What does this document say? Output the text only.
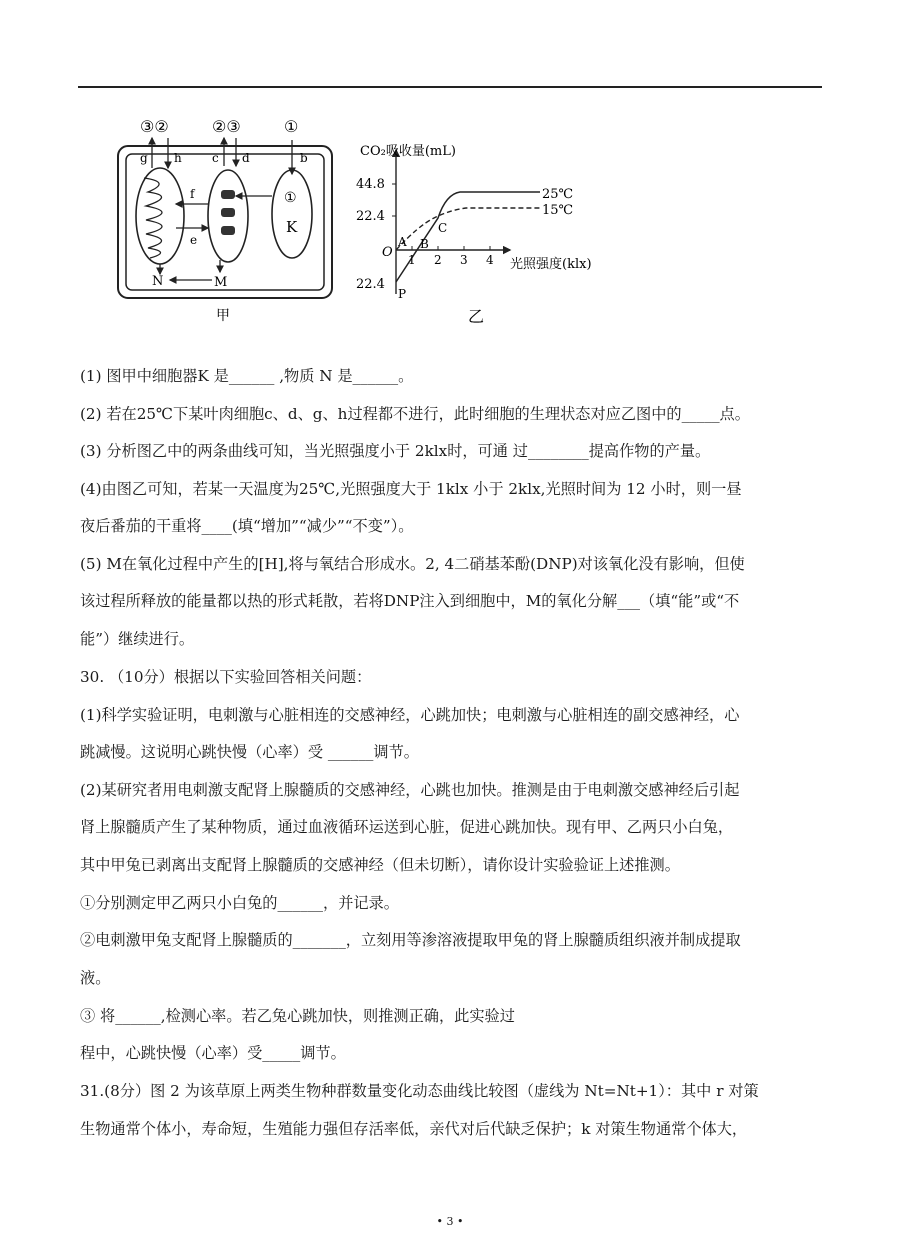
③②	②③	①
g h	c d	b
f
e
①
K
N	M
甲
CO₂吸收量(mL)
光照强度(klx)
44.8
22.4
O
22.4
1 2 3 4
A B
C
P
25℃
15℃
乙
(1) 图甲中细胞器K 是______ ,物质 N 是______。
(2) 若在25℃下某叶肉细胞c、d、g、h过程都不进行，此时细胞的生理状态对应乙图中的_____点。
(3) 分析图乙中的两条曲线可知，当光照强度小于 2klx时，可通 过________提高作物的产量。
(4)由图乙可知，若某一天温度为25℃,光照强度大于 1klx 小于 2klx,光照时间为 12 小时，则一昼
夜后番茄的干重将____(填“增加”“减少”“不变”）。
(5) M在氧化过程中产生的[H],将与氧结合形成水。2, 4二硝基苯酚(DNP)对该氧化没有影响，但使
该过程所释放的能量都以热的形式耗散，若将DNP注入到细胞中，M的氧化分解___（填“能”或“不
能”）继续进行。
30. （10分）根据以下实验回答相关问题：
(1)科学实验证明，电刺激与心脏相连的交感神经，心跳加快；电刺激与心脏相连的副交感神经，心
跳减慢。这说明心跳快慢（心率）受 ______调节。
(2)某研究者用电刺激支配肾上腺髓质的交感神经，心跳也加快。推测是由于电刺激交感神经后引起
肾上腺髓质产生了某种物质，通过血液循环运送到心脏，促进心跳加快。现有甲、乙两只小白兔，
其中甲兔已剥离出支配肾上腺髓质的交感神经（但未切断），请你设计实验验证上述推测。
①分别测定甲乙两只小白兔的______，并记录。
②电刺激甲兔支配肾上腺髓质的_______，立刻用等渗溶液提取甲兔的肾上腺髓质组织液并制成提取
液。
③ 将______,检测心率。若乙兔心跳加快，则推测正确，此实验过
程中，心跳快慢（心率）受_____调节。
31.(8分）图 2 为该草原上两类生物种群数量变化动态曲线比较图（虚线为 Nt=Nt+1）：其中 r 对策
生物通常个体小，寿命短，生殖能力强但存活率低，亲代对后代缺乏保护；k 对策生物通常个体大，
• 3 •
